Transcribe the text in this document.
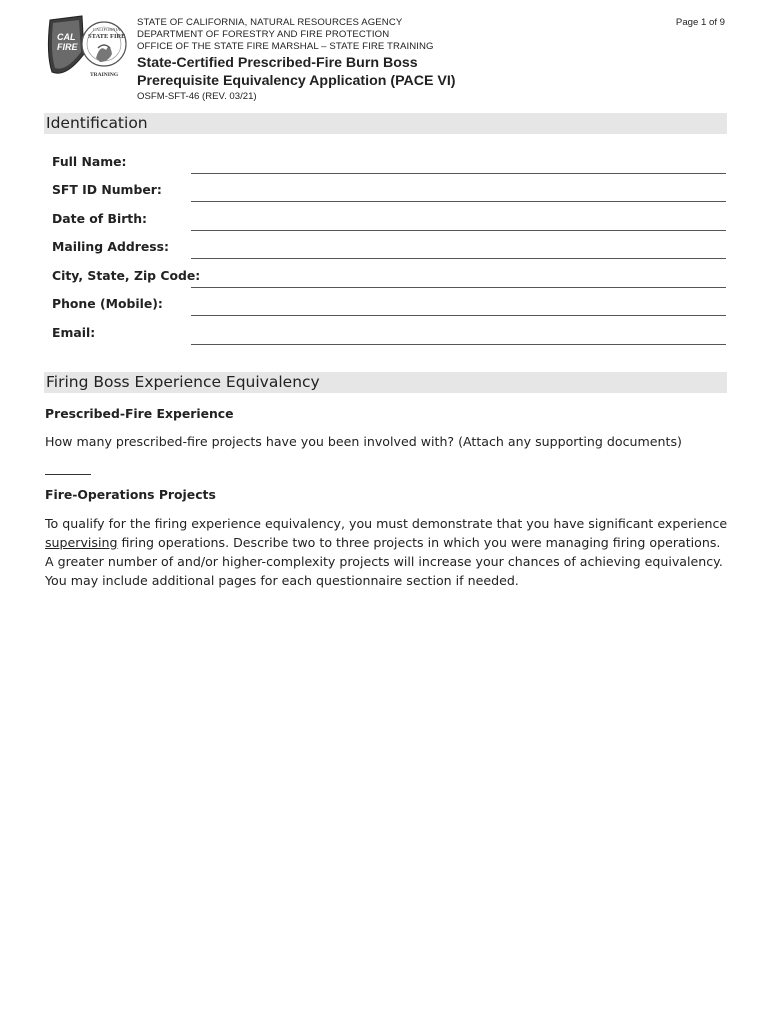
CAL
FIRE
CALIFORNIA
STATE FIRE
TRAINING
STATE OF CALIFORNIA, NATURAL RESOURCES AGENCY
DEPARTMENT OF FORESTRY AND FIRE PROTECTION
OFFICE OF THE STATE FIRE MARSHAL – STATE FIRE TRAINING
Page 1 of 9
State-Certified Prescribed-Fire Burn Boss
Prerequisite Equivalency Application (PACE VI)
OSFM-SFT-46 (REV. 03/21)
Identification
Full Name:
SFT ID Number:
Date of Birth:
Mailing Address:
City, State, Zip Code:
Phone (Mobile):
Email:
Firing Boss Experience Equivalency
Prescribed-Fire Experience
How many prescribed-fire projects have you been involved with? (Attach any supporting documents)
Fire-Operations Projects
To qualify for the firing experience equivalency, you must demonstrate that you have significant experience supervising firing operations. Describe two to three projects in which you were managing firing operations. A greater number of and/or higher-complexity projects will increase your chances of achieving equivalency. You may include additional pages for each questionnaire section if needed.
